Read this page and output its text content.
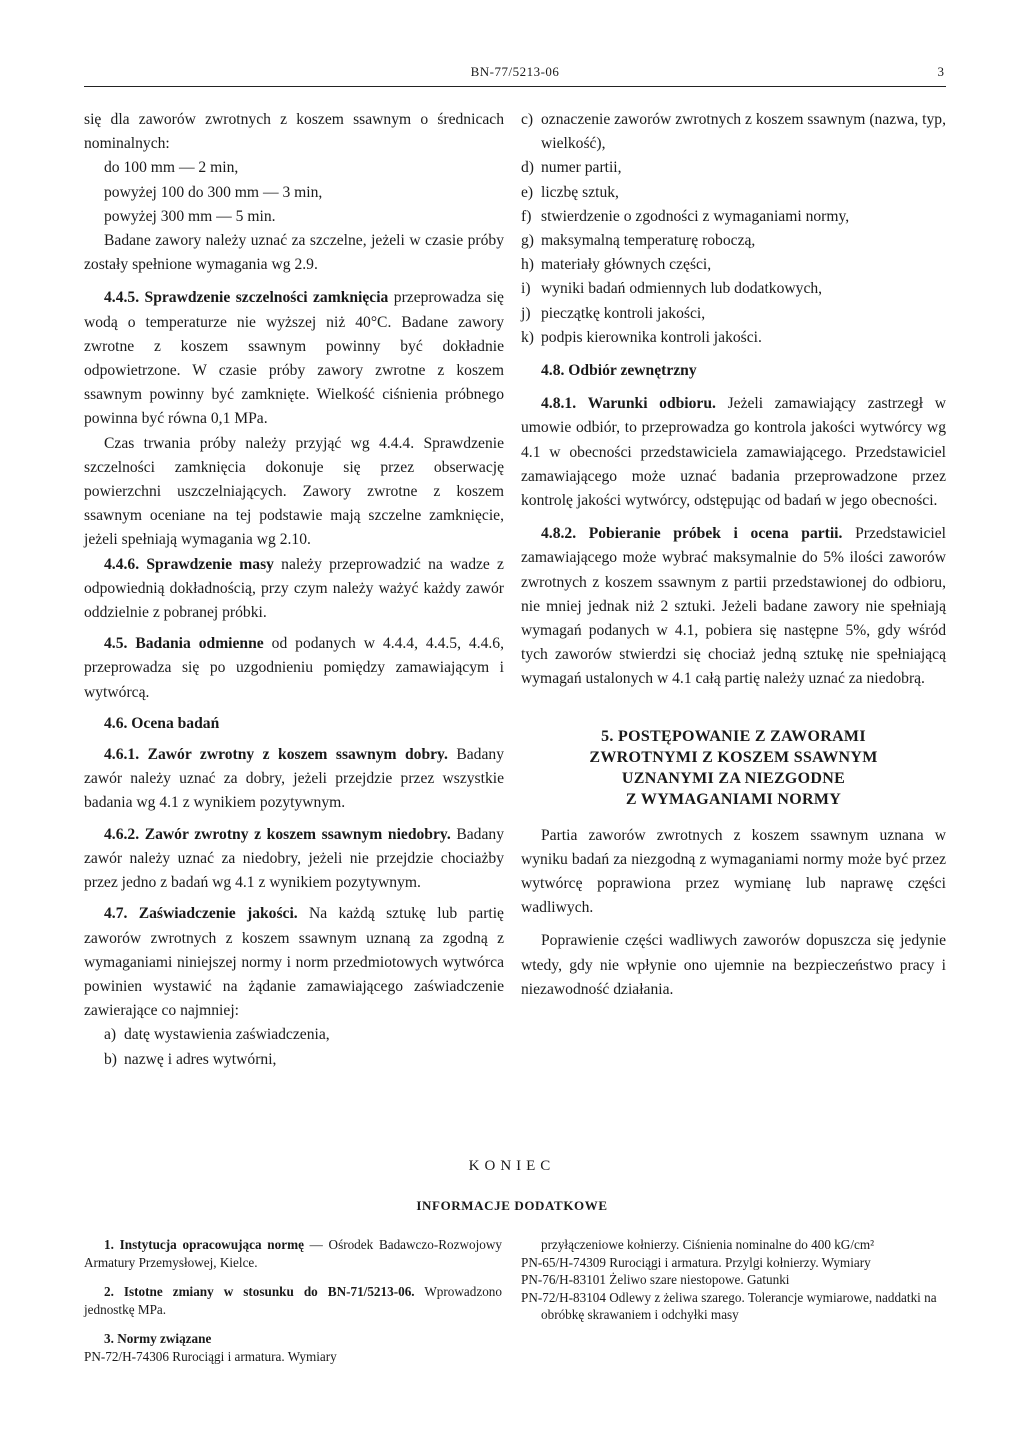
BN-77/5213-06	3

się dla zaworów zwrotnych z koszem ssawnym o średnicach nominalnych:

do 100 mm — 2 min,

powyżej 100 do 300 mm — 3 min,

powyżej 300 mm — 5 min.

Badane zawory należy uznać za szczelne, jeżeli w czasie próby zostały spełnione wymagania wg 2.9.

4.4.5. Sprawdzenie szczelności zamknięcia przeprowadza się wodą o temperaturze nie wyższej niż 40°C. Badane zawory zwrotne z koszem ssawnym powinny być dokładnie odpowietrzone. W czasie próby zawory zwrotne z koszem ssawnym powinny być zamknięte. Wielkość ciśnienia próbnego powinna być równa 0,1 MPa.

Czas trwania próby należy przyjąć wg 4.4.4. Sprawdzenie szczelności zamknięcia dokonuje się przez obserwację powierzchni uszczelniających. Zawory zwrotne z koszem ssawnym oceniane na tej podstawie mają szczelne zamknięcie, jeżeli spełniają wymagania wg 2.10.

4.4.6. Sprawdzenie masy należy przeprowadzić na wadze z odpowiednią dokładnością, przy czym należy ważyć każdy zawór oddzielnie z pobranej próbki.

4.5. Badania odmienne od podanych w 4.4.4, 4.4.5, 4.4.6, przeprowadza się po uzgodnieniu pomiędzy zamawiającym i wytwórcą.

4.6. Ocena badań

4.6.1. Zawór zwrotny z koszem ssawnym dobry. Badany zawór należy uznać za dobry, jeżeli przejdzie przez wszystkie badania wg 4.1 z wynikiem pozytywnym.

4.6.2. Zawór zwrotny z koszem ssawnym niedobry. Badany zawór należy uznać za niedobry, jeżeli nie przejdzie chociażby przez jedno z badań wg 4.1 z wynikiem pozytywnym.

4.7. Zaświadczenie jakości. Na każdą sztukę lub partię zaworów zwrotnych z koszem ssawnym uznaną za zgodną z wymaganiami niniejszej normy i norm przedmiotowych wytwórca powinien wystawić na żądanie zamawiającego zaświadczenie zawierające co najmniej:

a) datę wystawienia zaświadczenia,
b) nazwę i adres wytwórni,
c) oznaczenie zaworów zwrotnych z koszem ssawnym (nazwa, typ, wielkość),
d) numer partii,
e) liczbę sztuk,
f) stwierdzenie o zgodności z wymaganiami normy,
g) maksymalną temperaturę roboczą,
h) materiały głównych części,
i) wyniki badań odmiennych lub dodatkowych,
j) pieczątkę kontroli jakości,
k) podpis kierownika kontroli jakości.

4.8. Odbiór zewnętrzny

4.8.1. Warunki odbioru. Jeżeli zamawiający zastrzegł w umowie odbiór, to przeprowadza go kontrola jakości wytwórcy wg 4.1 w obecności przedstawiciela zamawiającego. Przedstawiciel zamawiającego może uznać badania przeprowadzone przez kontrolę jakości wytwórcy, odstępując od badań w jego obecności.

4.8.2. Pobieranie próbek i ocena partii. Przedstawiciel zamawiającego może wybrać maksymalnie do 5% ilości zaworów zwrotnych z koszem ssawnym z partii przedstawionej do odbioru, nie mniej jednak niż 2 sztuki. Jeżeli badane zawory nie spełniają wymagań podanych w 4.1, pobiera się następne 5%, gdy wśród tych zaworów stwierdzi się chociaż jedną sztukę nie spełniającą wymagań ustalonych w 4.1 całą partię należy uznać za niedobrą.

5. POSTĘPOWANIE Z ZAWORAMI
ZWROTNYMI Z KOSZEM SSAWNYM
UZNANYMI ZA NIEZGODNE
Z WYMAGANIAMI NORMY

Partia zaworów zwrotnych z koszem ssawnym uznana w wyniku badań za niezgodną z wymaganiami normy może być przez wytwórcę poprawiona przez wymianę lub naprawę części wadliwych.

Poprawienie części wadliwych zaworów dopuszcza się jedynie wtedy, gdy nie wpłynie ono ujemnie na bezpieczeństwo pracy i niezawodność działania.

KONIEC
INFORMACJE DODATKOWE

1. Instytucja opracowująca normę — Ośrodek Badawczo-Rozwojowy Armatury Przemysłowej, Kielce.

2. Istotne zmiany w stosunku do BN-71/5213-06. Wprowadzono jednostkę MPa.

3. Normy związane

PN-72/H-74306 Rurociągi i armatura. Wymiary

przyłączeniowe kołnierzy. Ciśnienia nominalne do 400 kG/cm²

PN-65/H-74309 Rurociągi i armatura. Przylgi kołnierzy. Wymiary

PN-76/H-83101 Żeliwo szare niestopowe. Gatunki

PN-72/H-83104 Odlewy z żeliwa szarego. Tolerancje wymiarowe, naddatki na obróbkę skrawaniem i odchyłki masy
